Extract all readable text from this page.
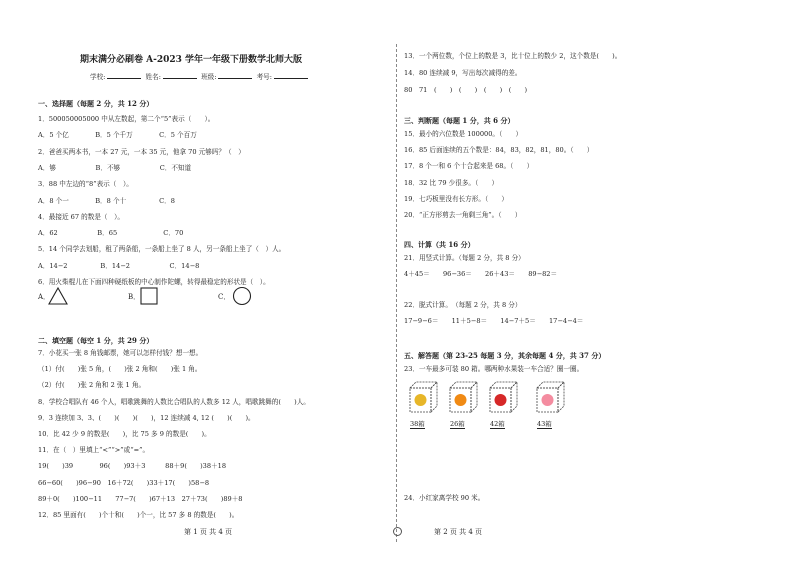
期末满分必刷卷 A-2023 学年一年级下册数学北师大版
学校:	姓名:	班级:	考号:
一、选择题（每题 2 分，共 12 分）
1．500050005000 中从左数起，第二个“5”表示（　　）。
A．5 个亿　　　　B．5 个千万　　　　C．5 个百万
2．爸爸买两本书，一本 27 元，一本 35 元，他拿 70 元够吗？（　）
A．够　　　　　　B．不够　　　　　　C．不知道
3．88 中左边的“8”表示（　）。
A．8 个一　　　　B．8 个十　　　　　C．8
4．最接近 67 的数是（　）。
A．62　　　　　　B．65　　　　　　　C．70
5．14 个同学去划船，租了两条船，一条船上坐了 8 人，另一条船上坐了（　）人。
A．14−2　　　　　B．14−2　　　　　　C．14−8
6．用火柴棍儿在下面四种硬纸板的中心制作陀螺，转得最稳定的形状是（　）。
A．	B．	C．
二、填空题（每空 1 分，共 29 分）
7．小花买一张 8 角钱邮票，她可以怎样付钱？想一想。
（1）付(　　)张 5 角，(　　)张 2 角和(　　)张 1 角。
（2）付(　　)张 2 角和 2 张 1 角。
8．学校合唱队有 46 个人，唱歌跳舞的人数比合唱队的人数多 12 人，唱歌跳舞的(　　)人。
9．3 连续加 3、3、(　　)(　　)(　　)，12 连续减 4, 12 (　　)(　　)。
10．比 42 少 9 的数是(　　)，比 75 多 9 的数是(　　)。
11．在（　）里填上“<”“>”或“=”。
19(　　)39　　　　96(　　)93＋3　　　88＋9(　　)38＋18
66−60(　　)96−90　16＋72(　　)33＋17(　　)58−8
89＋0(　　)100−11　　77−7(　　)67＋13　27＋73(　　)89＋8
12．85 里面有(　　)个十和(　　)个一，比 57 多 8 的数是(　　)。
第 1 页 共 4 页
13．一个两位数，个位上的数是 3，比十位上的数少 2，这个数是(　　)。
14．80 连续减 9，写出每次减得的差。
80　71　(　　)　(　　)　(　　)　(　　)
三、判断题（每题 1 分，共 6 分）
15．最小的六位数是 100000。（　　）
16．85 后面连续的五个数是：84，83，82，81，80。（　　）
17．8 个一和 6 个十合起来是 68。（　　）
18．32 比 79 少很多。（　　）
19．七巧板里没有长方形。（　　）
20．“正方形剪去一角剩三角”。（　　）
四、计算（共 16 分）
21．用竖式计算。（每题 2 分，共 8 分）
4＋45＝　　96−36＝　　26＋43＝　　89−82＝
22．脱式计算。　（每题 2 分，共 8 分）
17−9−6＝　　11＋5−8＝　　14−7＋5＝　　17−4−4＝
五、解答题（第 23-25 每题 3 分，其余每题 4 分，共 37 分）
23．一车最多可装 80 箱。哪两种水果装一车合适？圈一圈。
38箱	26箱	42箱	43箱
24．小红家离学校 90 米。
第 2 页 共 4 页
